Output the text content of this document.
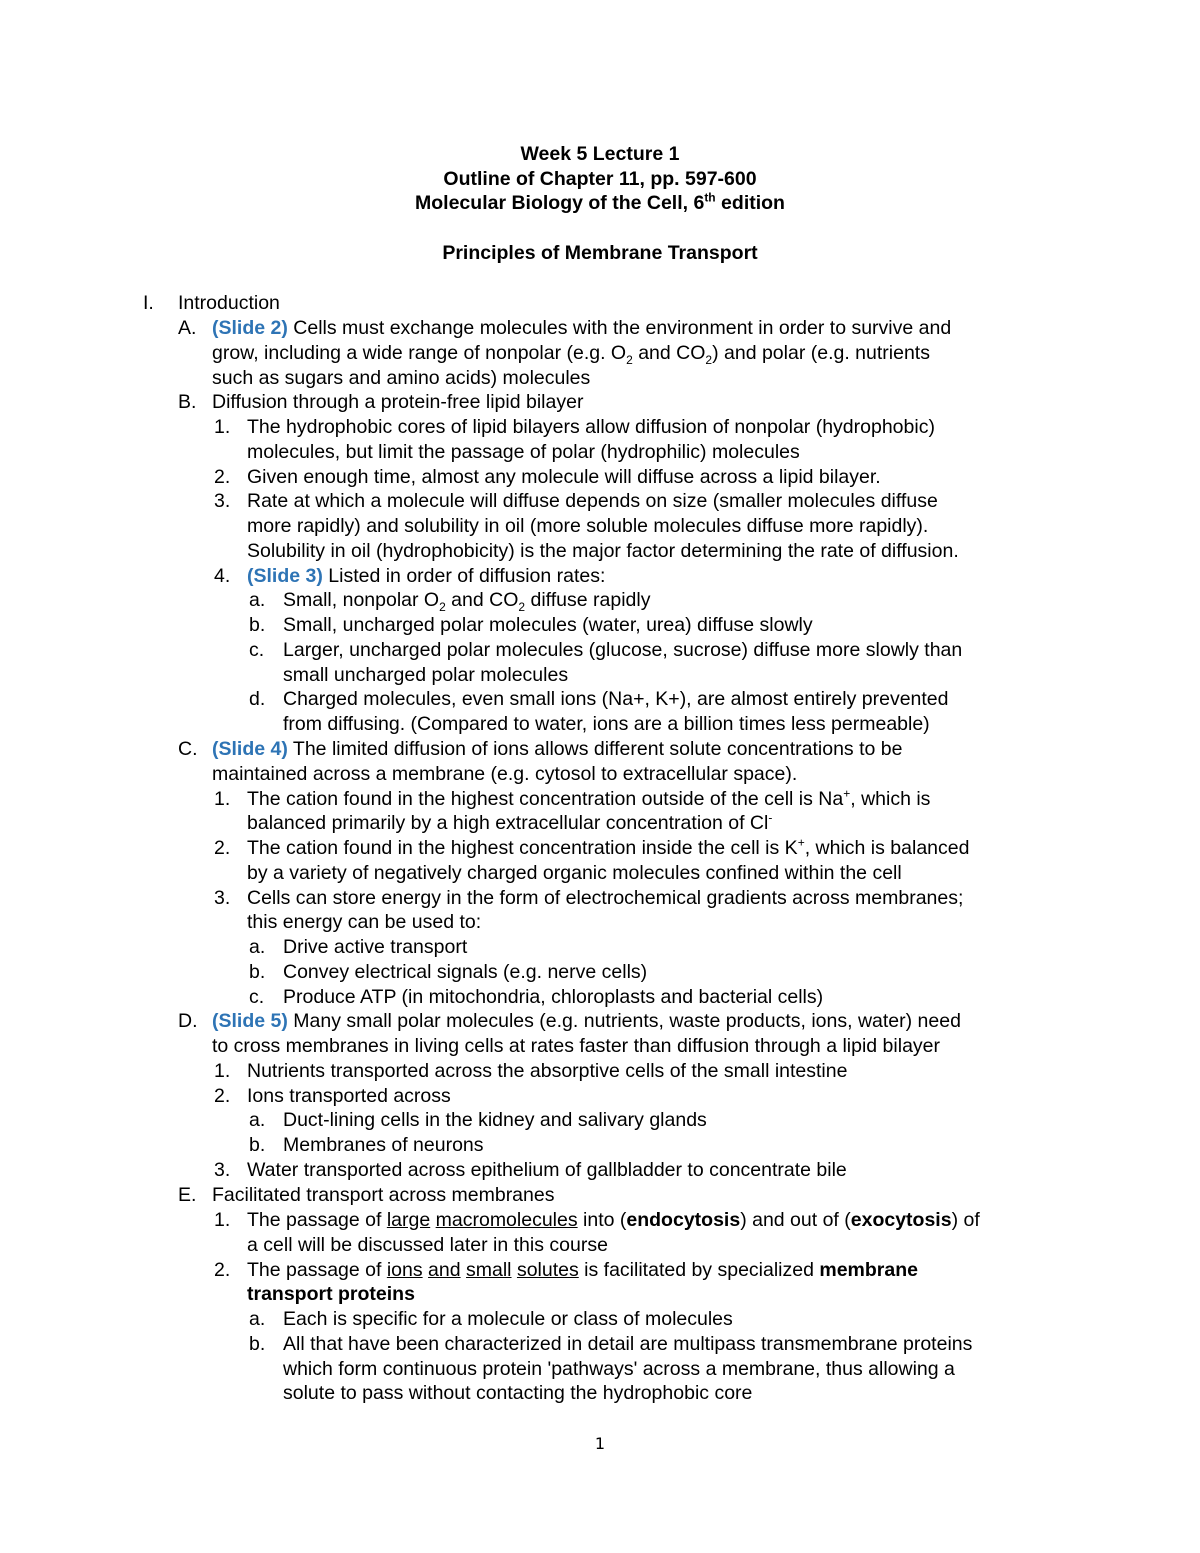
Week 5 Lecture 1
Outline of Chapter 11, pp. 597-600
Molecular Biology of the Cell, 6th edition
Principles of Membrane Transport
I. Introduction
A. (Slide 2) Cells must exchange molecules with the environment in order to survive and
grow, including a wide range of nonpolar (e.g. $O_2$ and $CO_2$) and polar (e.g. nutrients
such as sugars and amino acids) molecules
B. Diffusion through a protein-free lipid bilayer
1. The hydrophobic cores of lipid bilayers allow diffusion of nonpolar (hydrophobic)
molecules, but limit the passage of polar (hydrophilic) molecules
2. Given enough time, almost any molecule will diffuse across a lipid bilayer.
3. Rate at which a molecule will diffuse depends on size (smaller molecules diffuse
more rapidly) and solubility in oil (more soluble molecules diffuse more rapidly).
Solubility in oil (hydrophobicity) is the major factor determining the rate of diffusion.
4. (Slide 3) Listed in order of diffusion rates:
a. Small, nonpolar $O_2$ and $CO_2$ diffuse rapidly
b. Small, uncharged polar molecules (water, urea) diffuse slowly
c. Larger, uncharged polar molecules (glucose, sucrose) diffuse more slowly than
small uncharged polar molecules
d. Charged molecules, even small ions (Na+, K+), are almost entirely prevented
from diffusing. (Compared to water, ions are a billion times less permeable)
C. (Slide 4) The limited diffusion of ions allows different solute concentrations to be
maintained across a membrane (e.g. cytosol to extracellular space).
1. The cation found in the highest concentration outside of the cell is Na+, which is
balanced primarily by a high extracellular concentration of Cl-
2. The cation found in the highest concentration inside the cell is K+, which is balanced
by a variety of negatively charged organic molecules confined within the cell
3. Cells can store energy in the form of electrochemical gradients across membranes;
this energy can be used to:
a. Drive active transport
b. Convey electrical signals (e.g. nerve cells)
c. Produce ATP (in mitochondria, chloroplasts and bacterial cells)
D. (Slide 5) Many small polar molecules (e.g. nutrients, waste products, ions, water) need
to cross membranes in living cells at rates faster than diffusion through a lipid bilayer
1. Nutrients transported across the absorptive cells of the small intestine
2. Ions transported across
a. Duct-lining cells in the kidney and salivary glands
b. Membranes of neurons
3. Water transported across epithelium of gallbladder to concentrate bile
E. Facilitated transport across membranes
1. The passage of large macromolecules into (endocytosis) and out of (exocytosis) of
a cell will be discussed later in this course
2. The passage of ions and small solutes is facilitated by specialized membrane
transport proteins
a. Each is specific for a molecule or class of molecules
b. All that have been characterized in detail are multipass transmembrane proteins
which form continuous protein 'pathways' across a membrane, thus allowing a
solute to pass without contacting the hydrophobic core
1
